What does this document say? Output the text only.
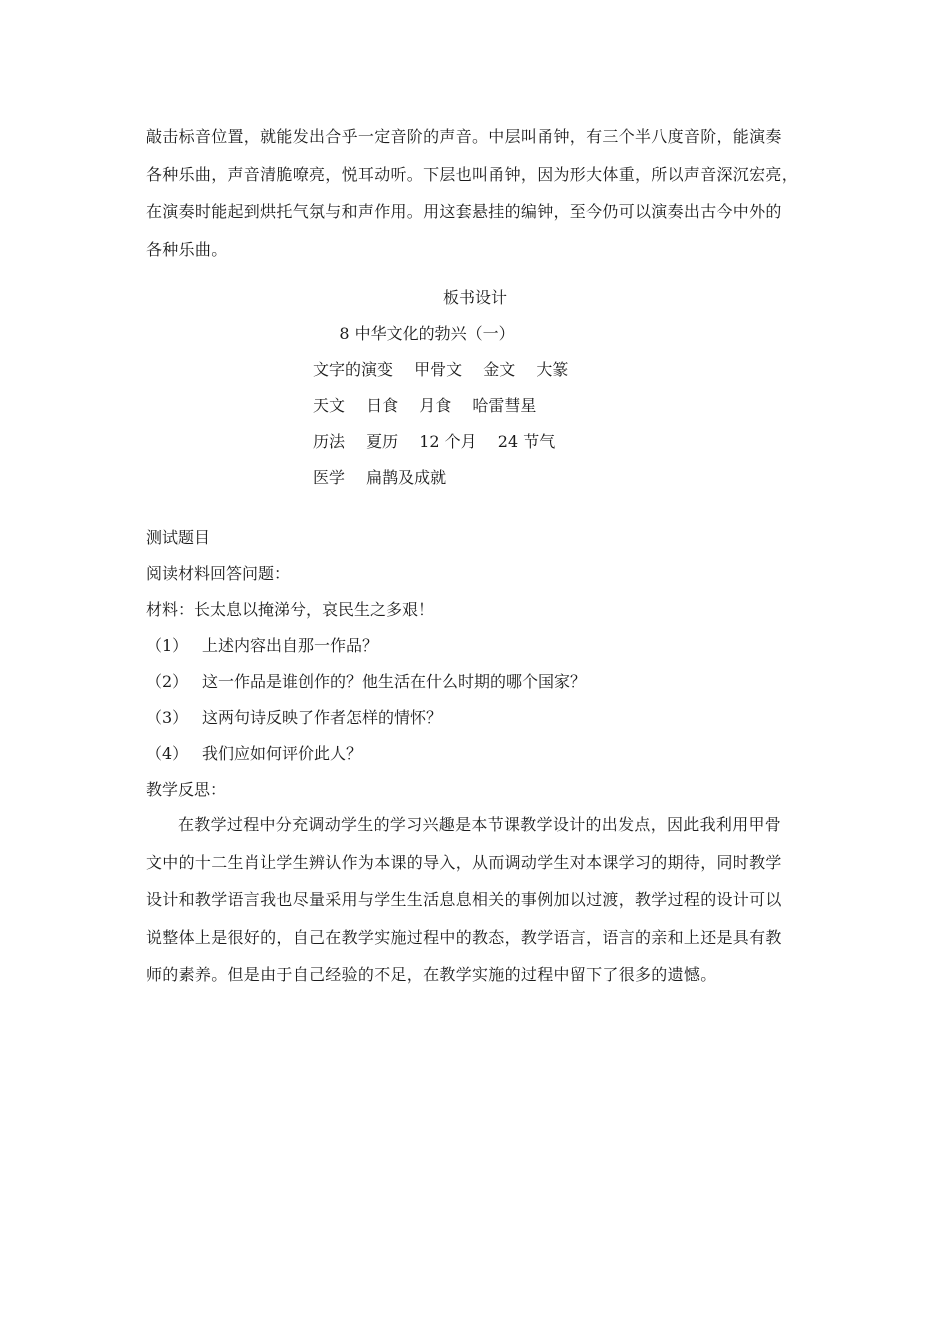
敲击标音位置，就能发出合乎一定音阶的声音。中层叫甬钟，有三个半八度音阶，能演奏
各种乐曲，声音清脆嘹亮，悦耳动听。下层也叫甬钟，因为形大体重，所以声音深沉宏亮，
在演奏时能起到烘托气氛与和声作用。用这套悬挂的编钟，至今仍可以演奏出古今中外的
各种乐曲。
板书设计
8 中华文化的勃兴（一）
文字的演变 甲骨文 金文 大篆
天文 日食 月食 哈雷彗星
历法 夏历 12 个月 24 节气
医学 扁鹊及成就
测试题目
阅读材料回答问题：
材料：长太息以掩涕兮，哀民生之多艰！
（1） 上述内容出自那一作品？
（2） 这一作品是谁创作的？他生活在什么时期的哪个国家？
（3） 这两句诗反映了作者怎样的情怀？
（4） 我们应如何评价此人？
教学反思：
在教学过程中分充调动学生的学习兴趣是本节课教学设计的出发点，因此我利用甲骨
文中的十二生肖让学生辨认作为本课的导入，从而调动学生对本课学习的期待，同时教学
设计和教学语言我也尽量采用与学生生活息息相关的事例加以过渡，教学过程的设计可以
说整体上是很好的，自己在教学实施过程中的教态，教学语言，语言的亲和上还是具有教
师的素养。但是由于自己经验的不足，在教学实施的过程中留下了很多的遗憾。
